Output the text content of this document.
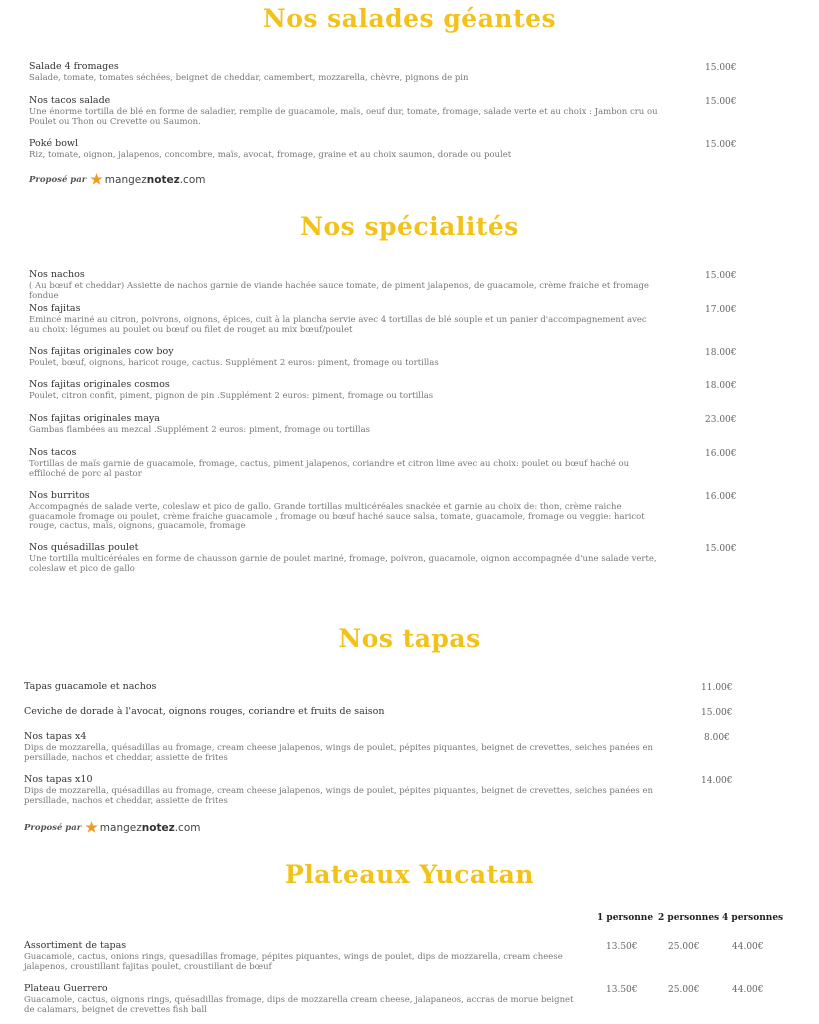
Nos salades géantes
Salade 4 fromages
Salade, tomate, tomates séchées, beignet de cheddar, camembert, mozzarella, chèvre, pignons de pin
15.00€
Nos tacos salade
Une énorme tortilla de blé en forme de saladier, remplie de guacamole, maïs, oeuf dur, tomate, fromage, salade verte et au choix : Jambon cru ou Poulet ou Thon ou Crevette ou Saumon.
15.00€
Poké bowl
Riz, tomate, oignon, jalapenos, concombre, maïs, avocat, fromage, graine et au choix saumon, dorade ou poulet
15.00€
Proposé par ★ mangeznotez.com
Nos spécialités
Nos nachos
( Au bœuf et cheddar) Assiette de nachos garnie de viande hachée sauce tomate, de piment jalapenos, de guacamole, crème fraiche et fromage fondue
15.00€
Nos fajitas
Emincé mariné au citron, poivrons, oignons, épices, cuit à la plancha servie avec 4 tortillas de blé souple et un panier d'accompagnement avec au choix: légumes au poulet ou bœuf ou filet de rouget au mix bœuf/poulet
17.00€
Nos fajitas originales cow boy
Poulet, bœuf, oignons, haricot rouge, cactus. Supplément 2 euros: piment, fromage ou tortillas
18.00€
Nos fajitas originales cosmos
Poulet, citron confit, piment, pignon de pin .Supplément 2 euros: piment, fromage ou tortillas
18.00€
Nos fajitas originales maya
Gambas flambées au mezcal .Supplément 2 euros: piment, fromage ou tortillas
23.00€
Nos tacos
Tortillas de maïs garnie de guacamole, fromage, cactus, piment jalapenos, coriandre et citron lime avec au choix: poulet ou bœuf haché ou effiloché de porc al pastor
16.00€
Nos burritos
Accompagnés de salade verte, coleslaw et pico de gallo. Grande tortillas multicéréales snackée et garnie au choix de: thon, crème raiche guacamole fromage ou poulet, crème fraiche guacamole , fromage ou bœuf haché sauce salsa, tomate, guacamole, fromage ou veggie: haricot rouge, cactus, maïs, oignons, guacamole, fromage
16.00€
Nos quésadillas poulet
Une tortilla multicéréales en forme de chausson garnie de poulet mariné, fromage, poivron, guacamole, oignon accompagnée d'une salade verte, coleslaw et pico de gallo
15.00€
Nos tapas
Tapas guacamole et nachos	11.00€
Ceviche de dorade à l'avocat, oignons rouges, coriandre et fruits de saison	15.00€
Nos tapas x4
Dips de mozzarella, quésadillas au fromage, cream cheese jalapenos, wings de poulet, pépites piquantes, beignet de crevettes, seiches panées en persillade, nachos et cheddar, assiette de frites
8.00€
Nos tapas x10
Dips de mozzarella, quésadillas au fromage, cream cheese jalapenos, wings de poulet, pépites piquantes, beignet de crevettes, seiches panées en persillade, nachos et cheddar, assiette de frites
14.00€
Proposé par ★ mangeznotez.com
Plateaux Yucatan
1 personne 2 personnes 4 personnes
Assortiment de tapas
Guacamole, cactus, onions rings, quesadillas fromage, pépites piquantes, wings de poulet, dips de mozzarella, cream cheese jalapenos, croustillant fajitas poulet, croustillant de bœuf
13.50€	25.00€	44.00€
Plateau Guerrero
Guacamole, cactus, oignons rings, quésadillas fromage, dips de mozzarella cream cheese, jalapaneos, accras de morue beignet de calamars, beignet de crevettes fish ball
13.50€	25.00€	44.00€
